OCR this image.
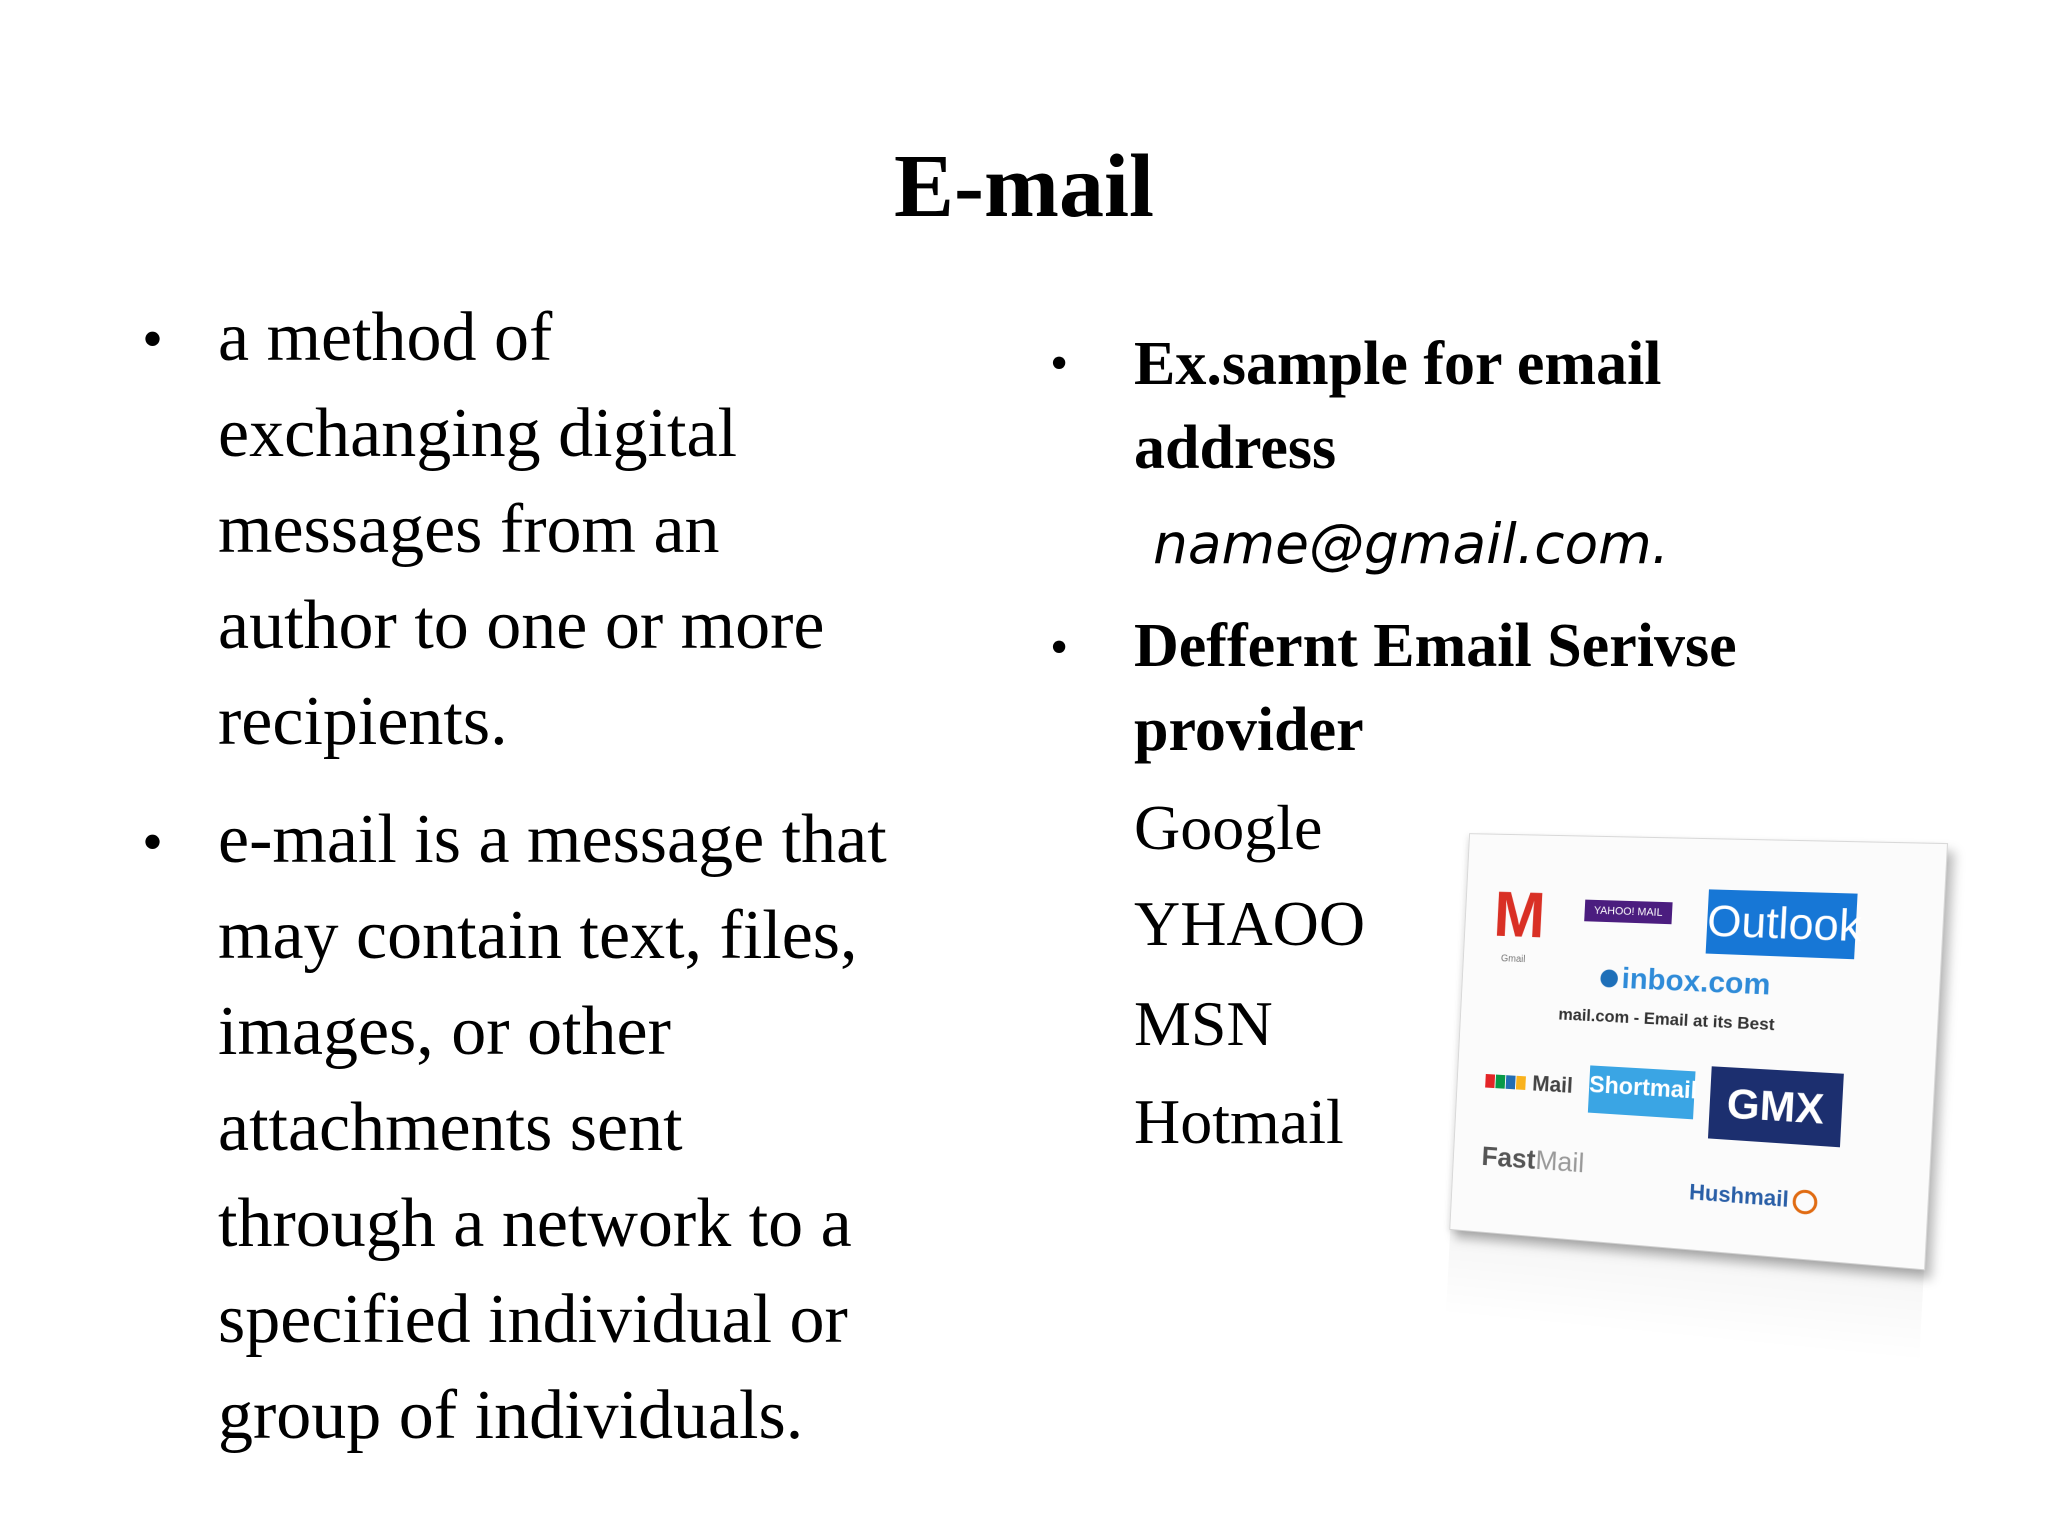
E-mail
• a method of
exchanging digital
messages from an
author to one or more
recipients.
• e-mail is a message that
may contain text, files,
images, or other
attachments sent
through a network to a
specified individual or
group of individuals.
• Ex.sample for email
address
name@gmail.com.
• Deffernt Email Serivse
provider
Google
YHAOO
MSN
Hotmail
M
Gmail
YAHOO! MAIL Outlook
inbox.com
mail.com - Email at its Best
Mail Shortmail GMX
FastMail
Hushmail
